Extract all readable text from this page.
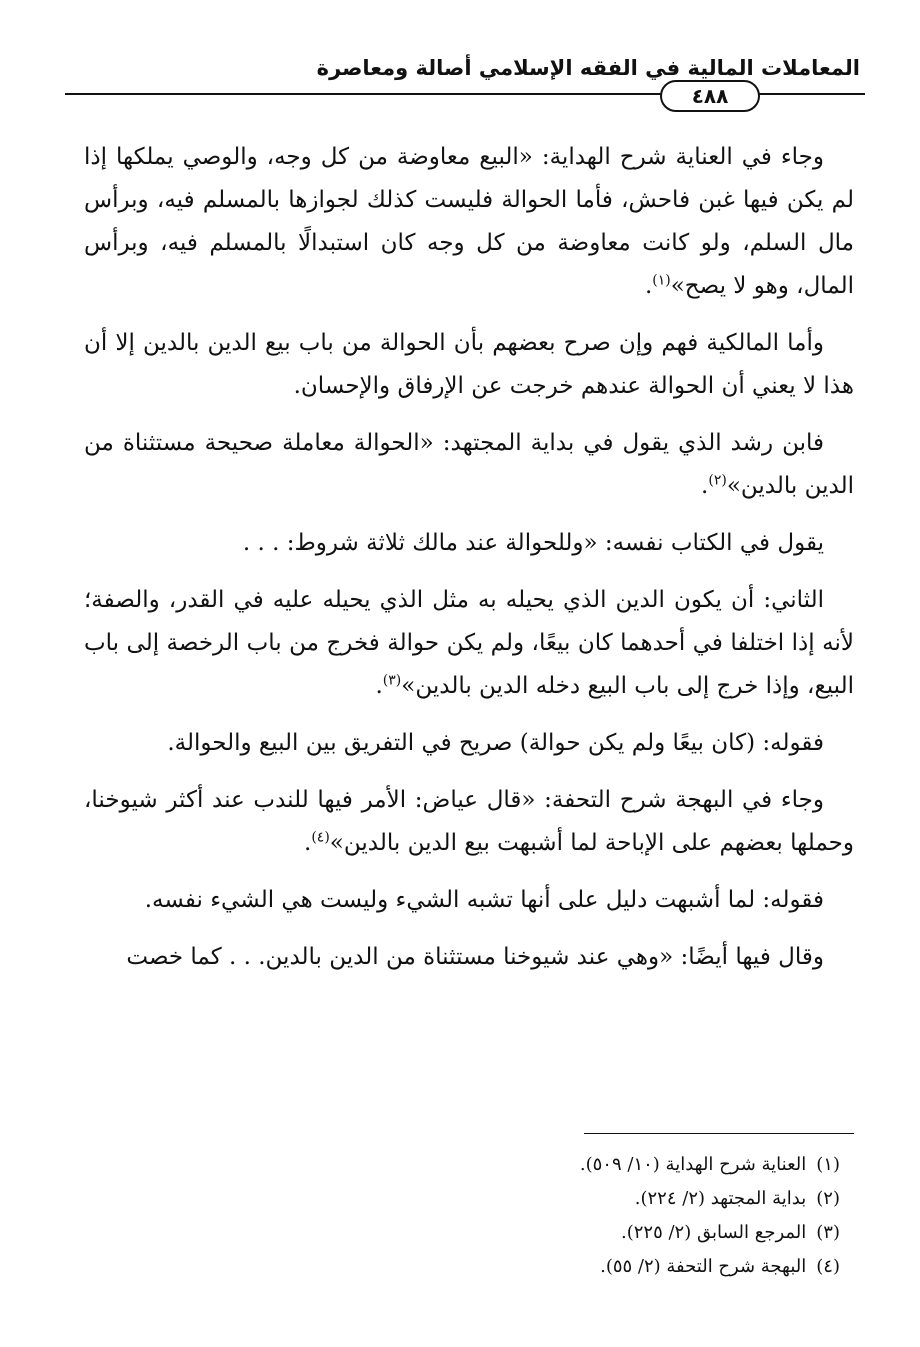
المعاملات المالية في الفقه الإسلامي أصالة ومعاصرة
٤٨٨

وجاء في العناية شرح الهداية: «البيع معاوضة من كل وجه، والوصي يملكها إذا لم يكن فيها غبن فاحش، فأما الحوالة فليست كذلك لجوازها بالمسلم فيه، وبرأس مال السلم، ولو كانت معاوضة من كل وجه كان استبدالًا بالمسلم فيه، وبرأس المال، وهو لا يصح»$^{(١)}$.

وأما المالكية فهم وإن صرح بعضهم بأن الحوالة من باب بيع الدين بالدين إلا أن هذا لا يعني أن الحوالة عندهم خرجت عن الإرفاق والإحسان.

فابن رشد الذي يقول في بداية المجتهد: «الحوالة معاملة صحيحة مستثناة من الدين بالدين»$^{(٢)}$.

يقول في الكتاب نفسه: «وللحوالة عند مالك ثلاثة شروط: . . .

الثاني: أن يكون الدين الذي يحيله به مثل الذي يحيله عليه في القدر، والصفة؛ لأنه إذا اختلفا في أحدهما كان بيعًا، ولم يكن حوالة فخرج من باب الرخصة إلى باب البيع، وإذا خرج إلى باب البيع دخله الدين بالدين»$^{(٣)}$.

فقوله: (كان بيعًا ولم يكن حوالة) صريح في التفريق بين البيع والحوالة.

وجاء في البهجة شرح التحفة: «قال عياض: الأمر فيها للندب عند أكثر شيوخنا، وحملها بعضهم على الإباحة لما أشبهت بيع الدين بالدين»$^{(٤)}$.

فقوله: لما أشبهت دليل على أنها تشبه الشيء وليست هي الشيء نفسه.

وقال فيها أيضًا: «وهي عند شيوخنا مستثناة من الدين بالدين. . . كما خصت

(١)العناية شرح الهداية (١٠/ ٥٠٩).

(٢)بداية المجتهد (٢/ ٢٢٤).

(٣)المرجع السابق (٢/ ٢٢٥).

(٤)البهجة شرح التحفة (٢/ ٥٥).
